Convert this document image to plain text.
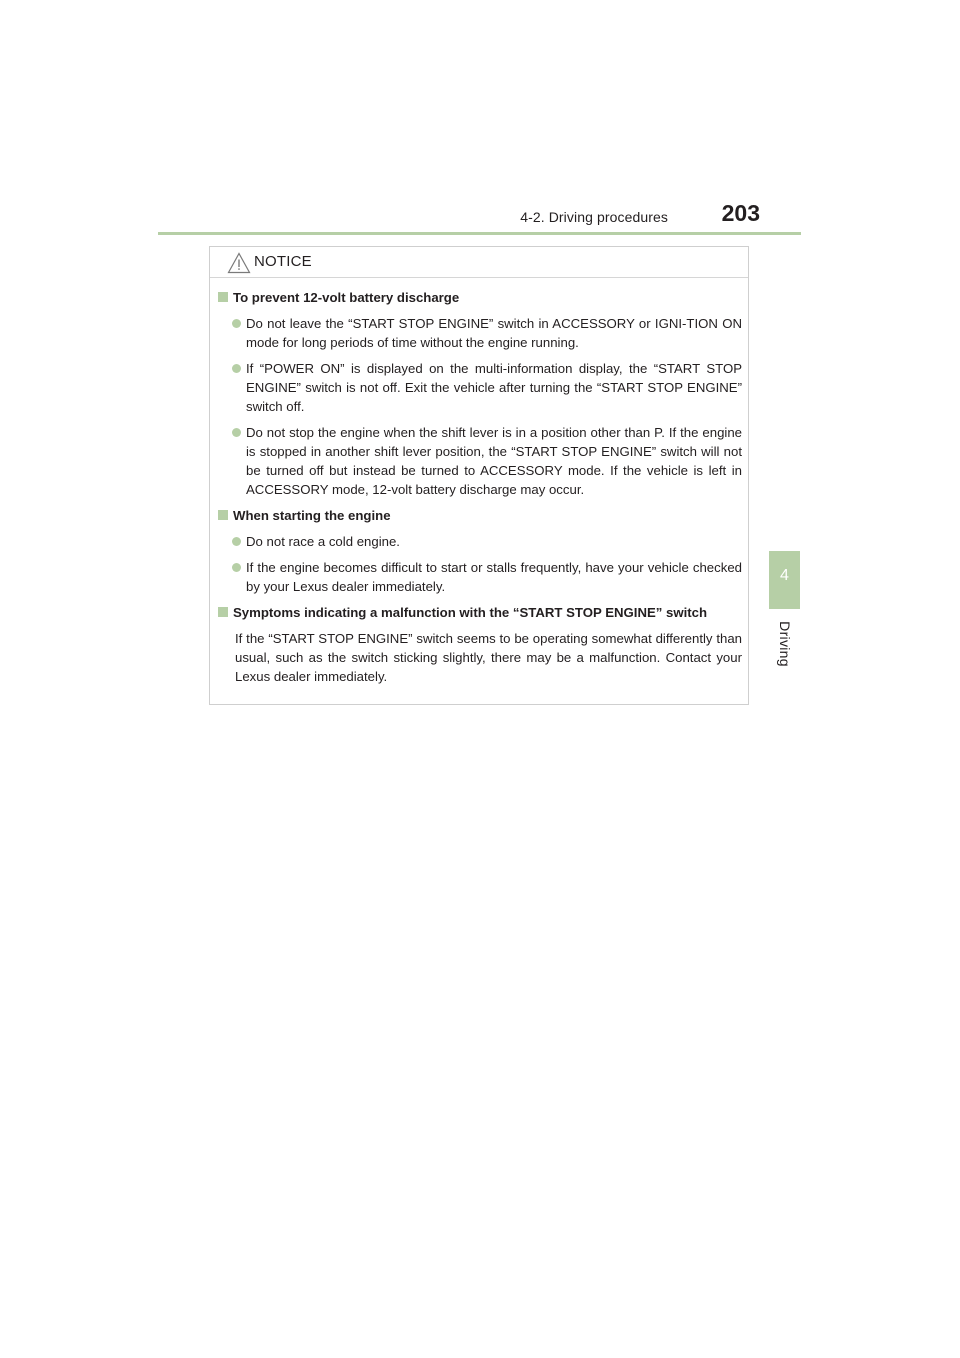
4-2. Driving procedures	203
4
Driving
NOTICE
To prevent 12-volt battery discharge
Do not leave the “START STOP ENGINE” switch in ACCESSORY or IGNI-TION ON mode for long periods of time without the engine running.
If “POWER ON” is displayed on the multi-information display, the “START STOP ENGINE” switch is not off. Exit the vehicle after turning the “START STOP ENGINE” switch off.
Do not stop the engine when the shift lever is in a position other than P. If the engine is stopped in another shift lever position, the “START STOP ENGINE” switch will not be turned off but instead be turned to ACCESSORY mode. If the vehicle is left in ACCESSORY mode, 12-volt battery discharge may occur.
When starting the engine
Do not race a cold engine.
If the engine becomes difficult to start or stalls frequently, have your vehicle checked by your Lexus dealer immediately.
Symptoms indicating a malfunction with the “START STOP ENGINE” switch
If the “START STOP ENGINE” switch seems to be operating somewhat differently than usual, such as the switch sticking slightly, there may be a malfunction. Contact your Lexus dealer immediately.
